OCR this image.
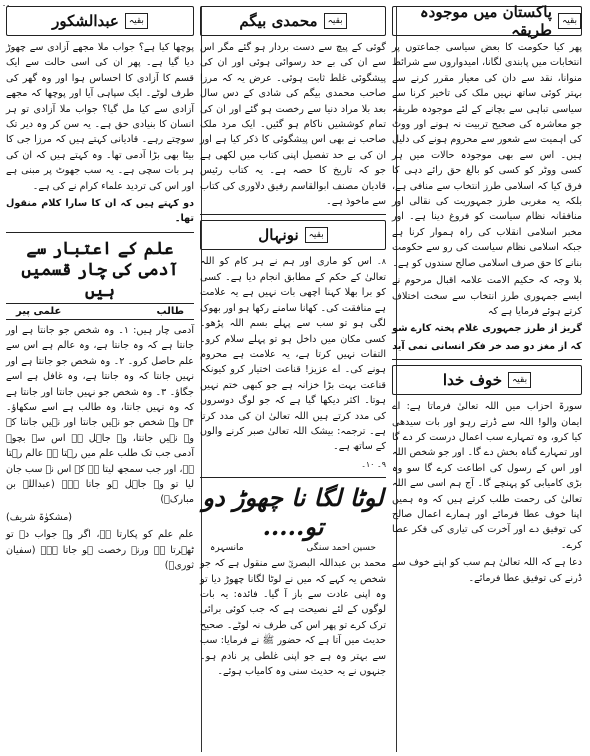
۔۔
بقیہ
پاکستان میں موجودہ طریقہ

پھر کیا حکومت کا بعض سیاسی جماعتوں پر انتخابات میں پابندی لگانا، امیدواروں سے شرائط منوانا، نقد سے دان کی معیار مقرر کرنے سے بہتر کوئی ساتھ نہیں ملک کی تاخیر کرنا سے سیاسی تباہی سے بچانے کے لئے موجودہ طریقہ جو معاشرہ کی صحیح تربیت نہ ہونے اور ووٹ کی اہمیت سے شعور سے محروم ہونے کی دلیل ہیں۔ اس سے بھی موجودہ حالات میں ہر کسی ووٹر کو کسی کو بالغ حق رائے دہی کا فرق کیا کہ اسلامی طرز انتخاب سے منافی ہے، بلکہ یہ مغربی طرز جمہوریت کی نقالی اور منافقانہ نظام سیاست کو فروغ دینا ہے۔ اور مخبر اسلامی انقلاب کی راہ ہموار کرنا ہے جبکہ اسلامی نظام سیاست کی رو سے حکومت بنانے کا حق صرف اسلامی صالح سندوں کو ہے۔

بلا وجہ کہ حکیم الامت علامہ اقبال مرحوم نے ایسے جمہوری طرز انتخاب سے سخت اختلاف کرتے ہوئے فرمایا ہے کہ

گریز از طرز جمہوری غلام پختہ کارے شو

کہ از مغز دو صد خر فکر انسانی نمی آید

بقیہ
خوف خدا

سورۃ احزاب میں اللہ تعالیٰ فرماتا ہے: اے ایمان والو! اللہ سے ڈرتے رہو اور بات سیدھی کیا کرو، وہ تمہارے سب اعمال درست کر دے گا اور تمہارے گناہ بخش دے گا۔ اور جو شخص اللہ اور اس کے رسول کی اطاعت کرے گا سو وہ بڑی کامیابی کو پہنچے گا۔ آج ہم اسی سے اللہ تعالیٰ کی رحمت طلب کرتے ہیں کہ وہ ہمیں اپنا خوف عطا فرمائے اور ہمارے اعمال صالح کی توفیق دے اور آخرت کی تیاری کی فکر عطا کرے۔

دعا ہے کہ اللہ تعالیٰ ہم سب کو اپنے خوف سے ڈرنے کی توفیق عطا فرمائے۔

بقیہ
محمدی بیگم

گوئی کے پیچ سے دست بردار ہو گئے مگر اس سے ان کی بے حد رسوائی ہوئی اور ان کی پیشگوئی غلط ثابت ہوئی۔ عرض یہ کہ مرزا صاحب محمدی بیگم کی شادی کے دس سال بعد بلا مراد دنیا سے رخصت ہو گئے اور ان کی تمام کوششیں ناکام ہو گئیں۔ ایک مرد ملک صاحب نے بھی اس پیشگوئی کا ذکر کیا ہے اور ان کی بے حد تفصیل اپنی کتاب میں لکھی ہے جو کہ تاریخ کا حصہ ہے۔ یہ کتاب رئیس قادیان مصنف ابوالقاسم رفیق دلاوری کی کتاب سے ماخوذ ہے۔

بقیہ
نونہال

۸۔ اس کو ماری اور ہم نے ہر کام کو اللہ تعالیٰ کے حکم کے مطابق انجام دیا ہے۔ کسی کو برا بھلا کہنا اچھی بات نہیں ہے یہ علامت ہے منافقت کی۔ کھانا سامنے رکھا ہو اور بھوک لگی ہو تو سب سے پہلے بسم اللہ پڑھو۔ کسی مکان میں داخل ہو تو پہلے سلام کرو۔ التفات نہیں کرتا ہے، یہ علامت ہے محروم ہونے کی۔ اے عزیز! قناعت اختیار کرو کیونکہ قناعت بہت بڑا خزانہ ہے جو کبھی ختم نہیں ہوتا۔ اکثر دیکھا گیا ہے کہ جو لوگ دوسروں کی مدد کرتے ہیں اللہ تعالیٰ ان کی مدد کرتا ہے۔ ترجمہ: بیشک اللہ تعالیٰ صبر کرنے والوں کے ساتھ ہے۔

۹۔ ۱۰۔

لوٹا لگا نا چھوڑ دو تو.....
حسین احمد سنگی
مانسہرہ

محمد بن عبداللہ البصریؓ سے منقول ہے کہ جو شخص یہ کہے کہ میں نے لوٹا لگانا چھوڑ دیا تو وہ اپنی عادت سے باز آ گیا۔ فائدہ: یہ بات لوگوں کے لئے نصیحت ہے کہ جب کوئی برائی ترک کرے تو پھر اس کی طرف نہ لوٹے۔ صحیح حدیث میں آتا ہے کہ حضور ﷺ نے فرمایا: سب سے بہتر وہ ہے جو اپنی غلطی پر نادم ہو۔ جنہوں نے یہ حدیث سنی وہ کامیاب ہوئے۔

بقیہ
عبدالشکور

پوچھا کیا ہے؟ جواب ملا مجھے آزادی سے چھوڑ دیا گیا ہے۔ پھر ان کی اسی حالت سے ایک قسم کا آزادی کا احساس ہوا اور وہ گھر کی طرف لوٹے۔ ایک سپاہی آیا اور پوچھا کہ مجھے آزادی سے کیا مل گیا؟ جواب ملا آزادی تو ہر انسان کا بنیادی حق ہے۔ یہ سن کر وہ دیر تک سوچتے رہے۔ قادیانی کہتے ہیں کہ مرزا جی کا بیٹا بھی بڑا آدمی تھا۔ وہ کہتے ہیں کہ ان کی ہر بات سچی ہے۔ یہ سب جھوٹ پر مبنی ہے اور اس کی تردید علماء کرام نے کی ہے۔

دو کہتے ہیں کہ ان کا سارا کلام منقول تھا۔

علم کے اعتبار سے آدمی کی چار قسمیں ہیں
طالب
علمی پیر

آدمی چار ہیں: ۱۔ وہ شخص جو جانتا ہے اور جانتا ہے کہ وہ جانتا ہے، وہ عالم ہے اس سے علم حاصل کرو۔ ۲۔ وہ شخص جو جانتا ہے اور نہیں جانتا کہ وہ جانتا ہے، وہ غافل ہے اسے جگاؤ۔ ۳۔ وہ شخص جو نہیں جانتا اور جانتا ہے کہ وہ نہیں جانتا، وہ طالب ہے اسے سکھاؤ۔ ۴۔ وہ شخص جو نہیں جانتا اور نہیں جانتا کہ وہ نہیں جانتا، وہ جاہل ہے اس سے بچو۔ آدمی جب تک طلب علم میں رہتا ہے عالم رہتا ہے، اور جب سمجھ لیتا ہے کہ اس نے سب جان لیا تو وہ جاہل ہو جاتا ہے۔ (عبداللہ بن مبارکؒ)

(مشکوٰۃ شریف)

علم علم کو پکارتا ہے، اگر وہ جواب دے تو ٹھہرتا ہے ورنہ رخصت ہو جاتا ہے۔ (سفیان ثوریؒ)
